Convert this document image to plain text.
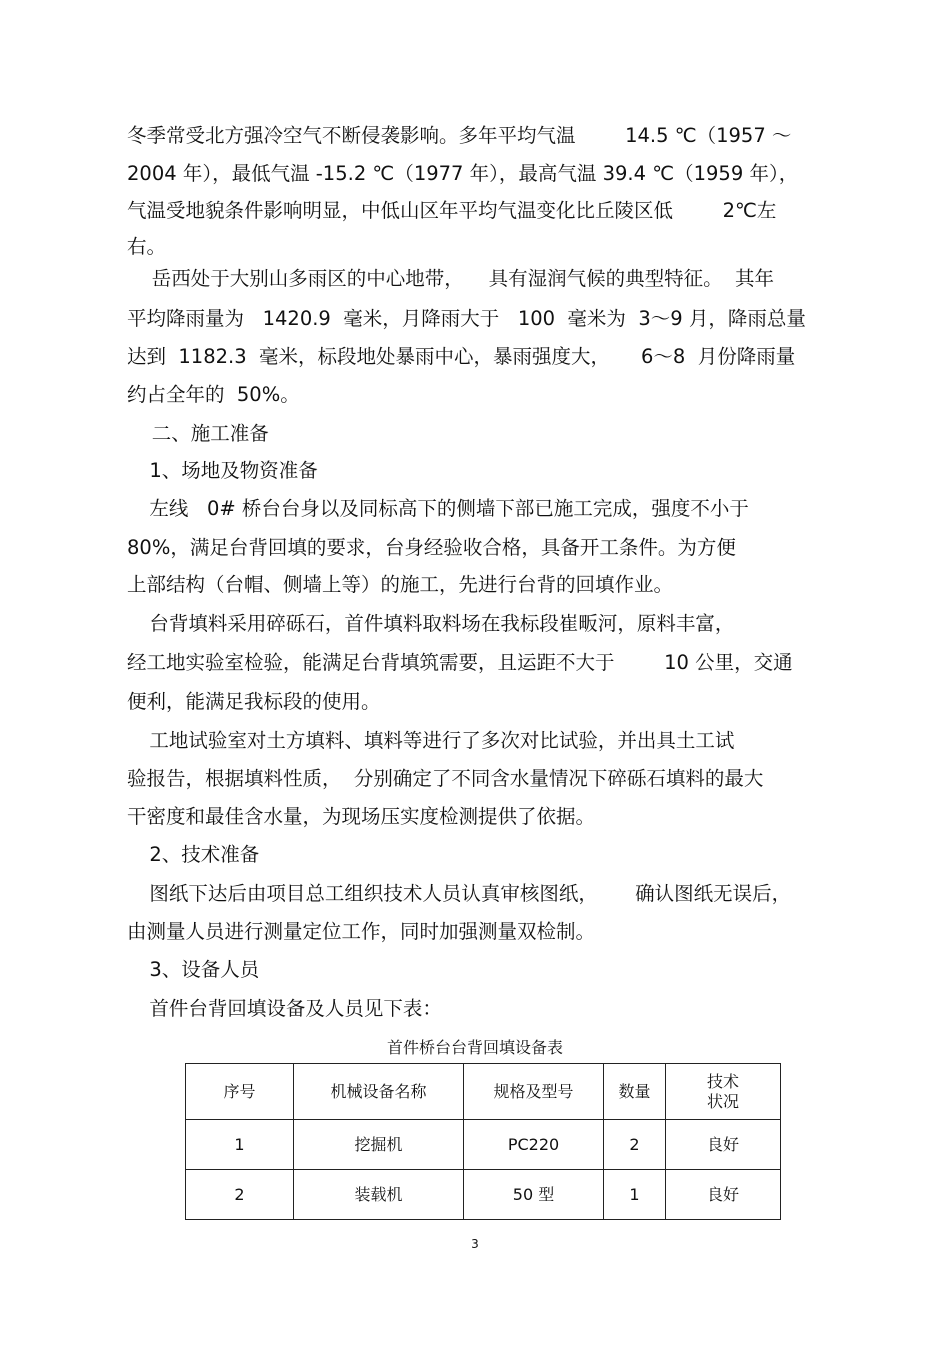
冬季常受北方强冷空气不断侵袭影响。多年平均气温        14.5 ℃（1957 ～
2004 年），最低气温 -15.2 ℃（1977 年），最高气温 39.4 ℃（1959 年），
气温受地貌条件影响明显，中低山区年平均气温变化比丘陵区低        2℃左
右。
岳西处于大别山多雨区的中心地带，    具有湿润气候的典型特征。  其年
平均降雨量为   1420.9  毫米，月降雨大于   100  毫米为  3～9 月，降雨总量
达到  1182.3  毫米，标段地处暴雨中心，暴雨强度大，     6～8  月份降雨量
约占全年的  50%。
二、施工准备
1、场地及物资准备
左线   0# 桥台台身以及同标高下的侧墙下部已施工完成，强度不小于
80%，满足台背回填的要求，台身经验收合格，具备开工条件。为方便
上部结构（台帽、侧墙上等）的施工，先进行台背的回填作业。
台背填料采用碎砾石，首件填料取料场在我标段崔畈河，原料丰富，
经工地实验室检验，能满足台背填筑需要，且运距不大于        10 公里，交通
便利，能满足我标段的使用。
工地试验室对土方填料、填料等进行了多次对比试验，并出具土工试
验报告，根据填料性质，  分别确定了不同含水量情况下碎砾石填料的最大
干密度和最佳含水量，为现场压实度检测提供了依据。
2、技术准备
图纸下达后由项目总工组织技术人员认真审核图纸，      确认图纸无误后，
由测量人员进行测量定位工作，同时加强测量双检制。
3、设备人员
首件台背回填设备及人员见下表：
首件桥台台背回填设备表
序号	机械设备名称	规格及型号	数量	技术
状况
1	挖掘机	PC220	2	良好
2	装载机	50 型	1	良好
3
